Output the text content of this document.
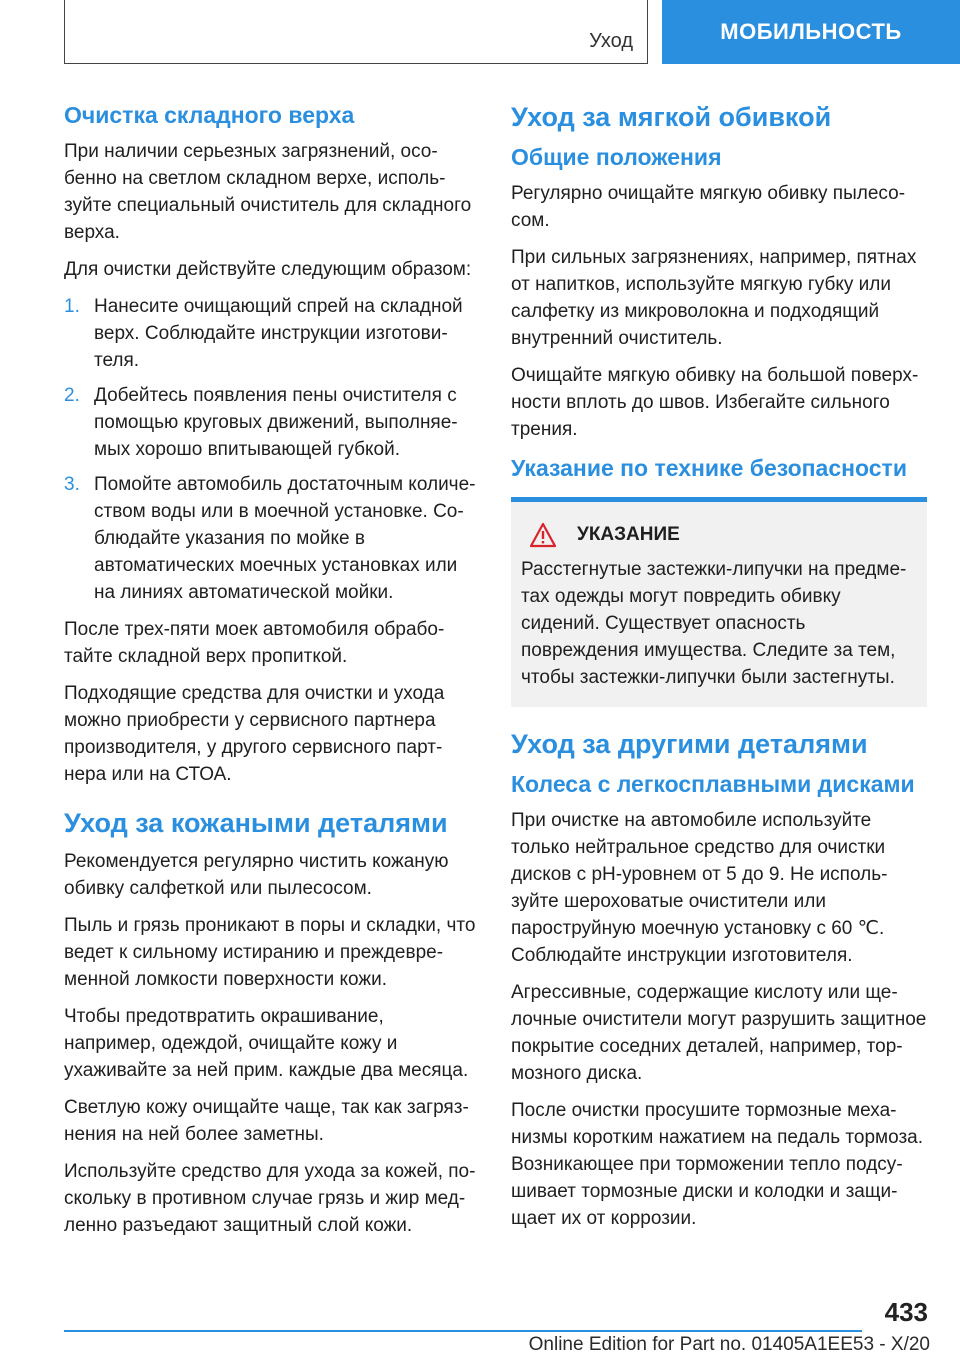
Уход	МОБИЛЬНОСТЬ
Очистка складного верха

При наличии серьезных загрязнений, особенно на светлом складном верхе, используйте специальный очиститель для складного верха.

Для очистки действуйте следующим образом:

1. Нанесите очищающий спрей на складной верх. Соблюдайте инструкции изготовителя.
2. Добейтесь появления пены очистителя с помощью круговых движений, выполняемых хорошо впитывающей губкой.
3. Помойте автомобиль достаточным количеством воды или в моечной установке. Соблюдайте указания по мойке в автоматических моечных установках или на линиях автоматической мойки.

После трех-пяти моек автомобиля обработайте складной верх пропиткой.

Подходящие средства для очистки и ухода можно приобрести у сервисного партнера производителя, у другого сервисного партнера или на СТОА.

Уход за кожаными деталями

Рекомендуется регулярно чистить кожаную обивку салфеткой или пылесосом.

Пыль и грязь проникают в поры и складки, что ведет к сильному истиранию и преждевременной ломкости поверхности кожи.

Чтобы предотвратить окрашивание, например, одеждой, очищайте кожу и ухаживайте за ней прим. каждые два месяца.

Светлую кожу очищайте чаще, так как загрязнения на ней более заметны.

Используйте средство для ухода за кожей, поскольку в противном случае грязь и жир медленно разъедают защитный слой кожи.

Уход за мягкой обивкой
Общие положения

Регулярно очищайте мягкую обивку пылесосом.

При сильных загрязнениях, например, пятнах от напитков, используйте мягкую губку или салфетку из микроволокна и подходящий внутренний очиститель.

Очищайте мягкую обивку на большой поверхности вплоть до швов. Избегайте сильного трения.

Указание по технике безопасности
УКАЗАНИЕ

Расстегнутые застежки-липучки на предметах одежды могут повредить обивку сидений. Существует опасность повреждения имущества. Следите за тем, чтобы застежки-липучки были застегнуты.

Уход за другими деталями
Колеса с легкосплавными дисками

При очистке на автомобиле используйте только нейтральное средство для очистки дисков с pH-уровнем от 5 до 9. Не используйте шероховатые очистители или пароструйную моечную установку с 60 ℃. Соблюдайте инструкции изготовителя.

Агрессивные, содержащие кислоту или щелочные очистители могут разрушить защитное покрытие соседних деталей, например, тормозного диска.

После очистки просушите тормозные механизмы коротким нажатием на педаль тормоза. Возникающее при торможении тепло подсушивает тормозные диски и колодки и защищает их от коррозии.

433
Online Edition for Part no. 01405A1EE53 - X/20
